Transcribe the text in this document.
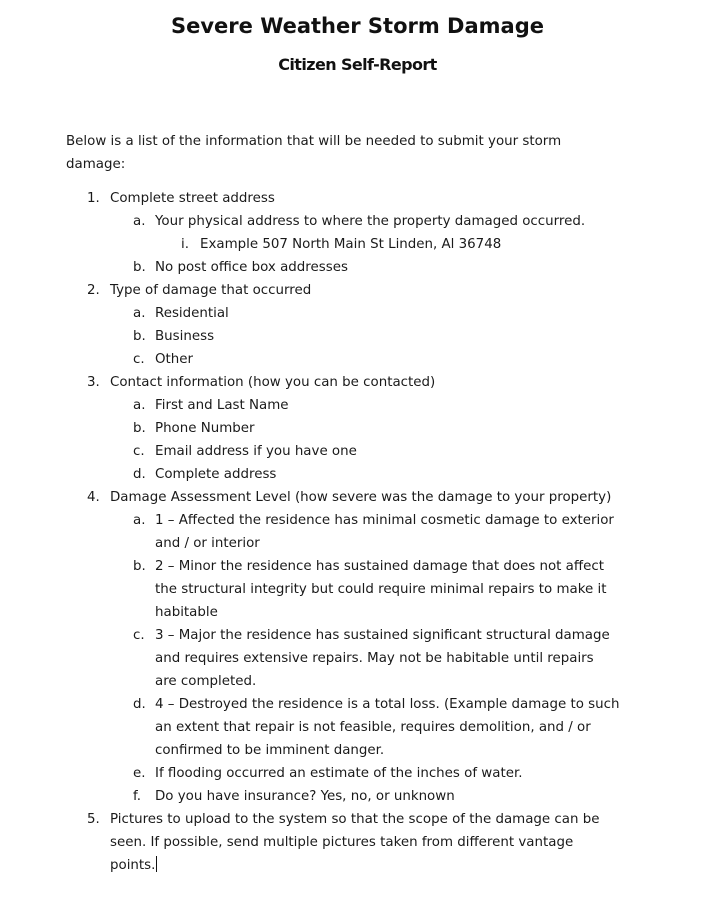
Severe Weather Storm Damage
Citizen Self-Report
Below is a list of the information that will be needed to submit your storm
damage:
1. Complete street address
a. Your physical address to where the property damaged occurred.
i. Example 507 North Main St Linden, Al 36748
b. No post office box addresses
2. Type of damage that occurred
a. Residential
b. Business
c. Other
3. Contact information (how you can be contacted)
a. First and Last Name
b. Phone Number
c. Email address if you have one
d. Complete address
4. Damage Assessment Level (how severe was the damage to your property)
a. 1 – Affected the residence has minimal cosmetic damage to exterior
and / or interior
b. 2 – Minor the residence has sustained damage that does not affect
the structural integrity but could require minimal repairs to make it
habitable
c. 3 – Major the residence has sustained significant structural damage
and requires extensive repairs. May not be habitable until repairs
are completed.
d. 4 – Destroyed the residence is a total loss. (Example damage to such
an extent that repair is not feasible, requires demolition, and / or
confirmed to be imminent danger.
e. If flooding occurred an estimate of the inches of water.
f. Do you have insurance? Yes, no, or unknown
5. Pictures to upload to the system so that the scope of the damage can be
seen. If possible, send multiple pictures taken from different vantage
points.
